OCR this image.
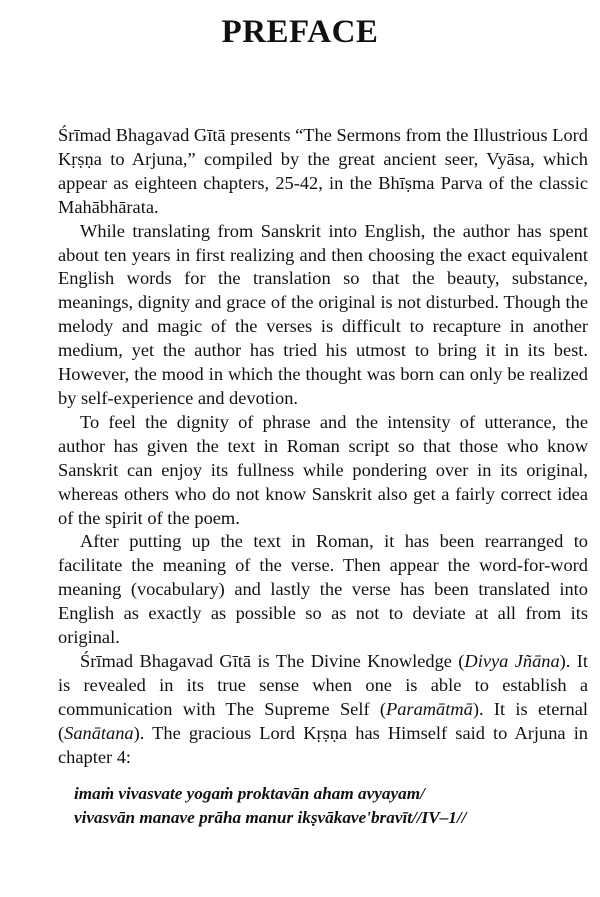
PREFACE

Śrīmad Bhagavad Gītā presents “The Sermons from the Illustrious Lord Kṛṣṇa to Arjuna,” compiled by the great ancient seer, Vyāsa, which appear as eighteen chapters, 25-42, in the Bhīṣma Parva of the classic Mahābhārata.

While translating from Sanskrit into English, the author has spent about ten years in first realizing and then choosing the exact equivalent English words for the translation so that the beauty, substance, meanings, dignity and grace of the original is not disturbed. Though the melody and magic of the verses is difficult to recapture in another medium, yet the author has tried his utmost to bring it in its best. However, the mood in which the thought was born can only be realized by self-experience and devotion.

To feel the dignity of phrase and the intensity of utterance, the author has given the text in Roman script so that those who know Sanskrit can enjoy its fullness while pondering over in its original, whereas others who do not know Sanskrit also get a fairly correct idea of the spirit of the poem.

After putting up the text in Roman, it has been rearranged to facilitate the meaning of the verse. Then appear the word-for-word meaning (vocabulary) and lastly the verse has been translated into English as exactly as possible so as not to deviate at all from its original.

Śrīmad Bhagavad Gītā is The Divine Knowledge (Divya Jñāna). It is revealed in its true sense when one is able to establish a communication with The Supreme Self (Paramātmā). It is eternal (Sanātana). The gracious Lord Kṛṣṇa has Himself said to Arjuna in chapter 4:

imaṁ vivasvate yogaṁ proktavān aham avyayam/
vivasvān manave prāha manur ikṣvākave'bravīt//IV–1//
